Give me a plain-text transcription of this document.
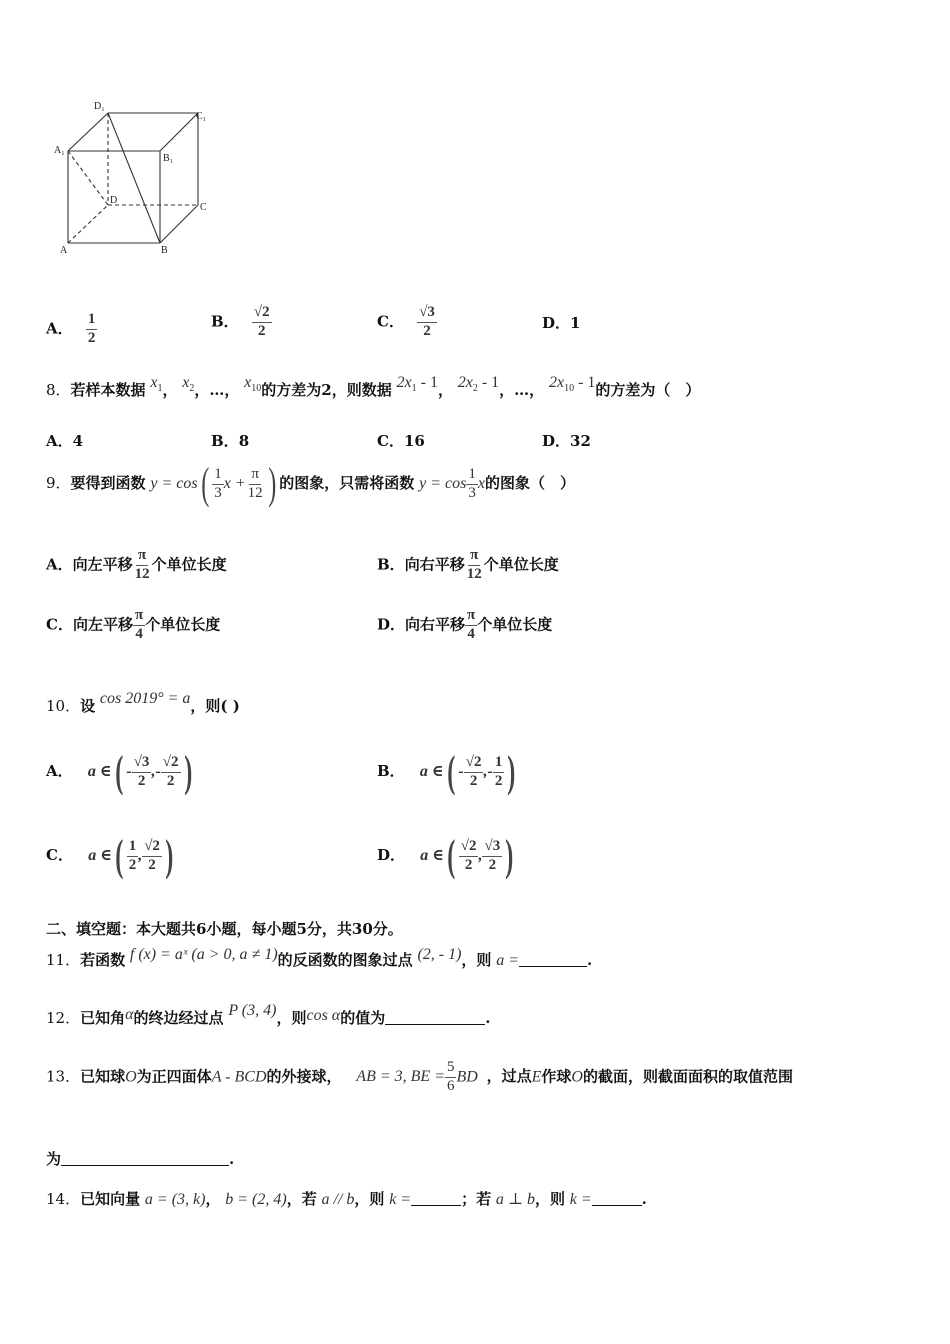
D₁
C₁
A₁
B₁
D
C
A	B
A． $\frac{1}{2}$	B． $\frac{√2}{2}$	C． $\frac{√3}{2}$	D．1
8．若样本数据 $x_1$， $x_2$，…， $x_{10}$的方差为2，则数据 $2x_1 - 1$， $2x_2 - 1$，…， $2x_{10} - 1$的方差为（　）
A．4	B．8	C．16	D．32
9．要得到函数 $y = \cos( \frac{1}{3}$ $x + \frac{\pi}{12}$ ) 的图象，只需将函数 $y = \cos \frac{1}{3}$ x的图象（　）
A．向左平移 $\frac{\pi}{12}$ 个单位长度	B．向右平移 $\frac{\pi}{12}$ 个单位长度
C．向左平移 $\frac{\pi}{4}$ 个单位长度	D．向右平移 $\frac{\pi}{4}$ 个单位长度
10．设 cos 2019° = a，则( )
A． a ∈( - $\frac{√3}{2}$ ,- $\frac{√2}{2}$ )	B． a ∈( - $\frac{√2}{2}$ ,- $\frac{1}{2}$ )
C． a ∈( $\frac{1}{2}$ , $\frac{√2}{2}$ )	D． a ∈( $\frac{√2}{2}$ , $\frac{√3}{2}$ )
二、填空题：本大题共6小题，每小题5分，共30分。
11．若函数 f (x) = aˣ (a > 0, a ≠ 1)的反函数的图象过点 (2, - 1)，则 a =	.
12．已知角α的终边经过点 P (3, 4)，则cos α的值为	.
13．已知球O为正四面体A - BCD的外接球， AB = 3, BE = $\frac{5}{6}$ BD ，过点E作球O的截面，则截面面积的取值范围
为	.
14．已知向量 a = (3, k)， b = (2, 4)，若 a // b，则 k =	；若 a ⊥ b，则 k =	.
